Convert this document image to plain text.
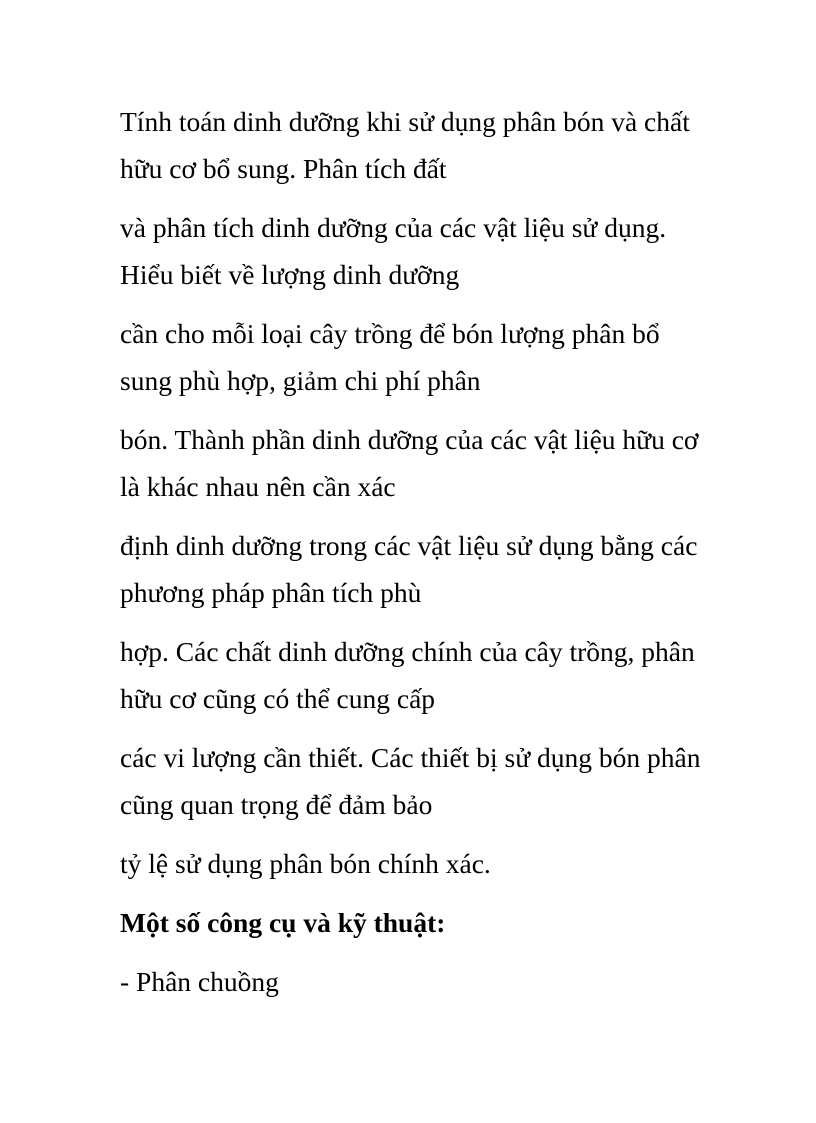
Tính toán dinh dưỡng khi sử dụng phân bón và chất
hữu cơ bổ sung. Phân tích đất

và phân tích dinh dưỡng của các vật liệu sử dụng.
Hiểu biết về lượng dinh dưỡng

cần cho mỗi loại cây trồng để bón lượng phân bổ
sung phù hợp, giảm chi phí phân

bón. Thành phần dinh dưỡng của các vật liệu hữu cơ
là khác nhau nên cần xác

định dinh dưỡng trong các vật liệu sử dụng bằng các
phương pháp phân tích phù

hợp. Các chất dinh dưỡng chính của cây trồng, phân
hữu cơ cũng có thể cung cấp

các vi lượng cần thiết. Các thiết bị sử dụng bón phân
cũng quan trọng để đảm bảo

tỷ lệ sử dụng phân bón chính xác.

Một số công cụ và kỹ thuật:

- Phân chuồng
